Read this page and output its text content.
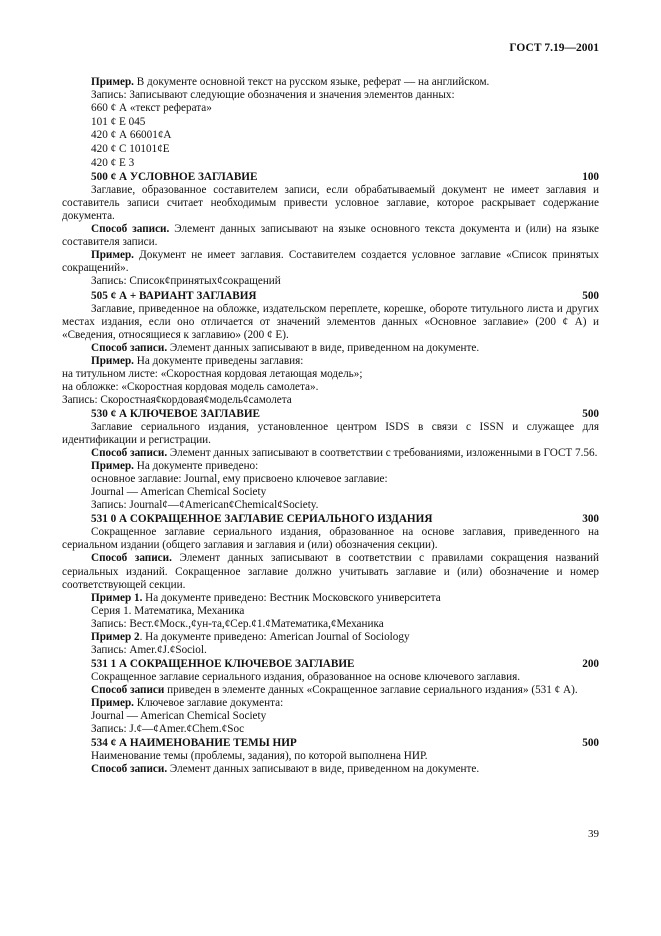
ГОСТ 7.19—2001

Пример. В документе основной текст на русском языке, реферат — на английском.

Запись: Записывают следующие обозначения и значения элементов данных:

660 ¢ А «текст реферата»

101 ¢ Е 045

420 ¢ А 66001¢А

420 ¢ С 10101¢Е

420 ¢ Е 3

500 ¢ А УСЛОВНОЕ ЗАГЛАВИЕ	100

Заглавие, образованное составителем записи, если обрабатываемый документ не имеет заглавия и составитель записи считает необходимым привести условное заглавие, которое раскрывает содержание документа.

Способ записи. Элемент данных записывают на языке основного текста документа и (или) на языке составителя записи.

Пример. Документ не имеет заглавия. Составителем создается условное заглавие «Список принятых сокращений».

Запись: Список¢принятых¢сокращений

505 ¢ А + ВАРИАНТ ЗАГЛАВИЯ	500

Заглавие, приведенное на обложке, издательском переплете, корешке, обороте титульного листа и других местах издания, если оно отличается от значений элементов данных «Основное заглавие» (200 ¢ А) и «Сведения, относящиеся к заглавию» (200 ¢ Е).

Способ записи. Элемент данных записывают в виде, приведенном на документе.

Пример. На документе приведены заглавия:

на титульном листе: «Скоростная кордовая летающая модель»;

на обложке: «Скоростная кордовая модель самолета».

Запись: Скоростная¢кордовая¢модель¢самолета

530 ¢ А КЛЮЧЕВОЕ ЗАГЛАВИЕ	500

Заглавие сериального издания, установленное центром ISDS в связи с ISSN и служащее для идентификации и регистрации.

Способ записи. Элемент данных записывают в соответствии с требованиями, изложенными в ГОСТ 7.56.

Пример. На документе приведено:

основное заглавие: Journal, ему присвоено ключевое заглавие:

Journal — American Chemical Society

Запись: Journal¢—¢American¢Chemical¢Society.

531 0 А СОКРАЩЕННОЕ ЗАГЛАВИЕ СЕРИАЛЬНОГО ИЗДАНИЯ	300

Сокращенное заглавие сериального издания, образованное на основе заглавия, приведенного на сериальном издании (общего заглавия и заглавия и (или) обозначения секции).

Способ записи. Элемент данных записывают в соответствии с правилами сокращения названий сериальных изданий. Сокращенное заглавие должно учитывать заглавие и (или) обозначение и номер соответствующей секции.

Пример 1. На документе приведено: Вестник Московского университета

Серия 1. Математика, Механика

Запись: Вест.¢Моск.,¢ун-та,¢Сер.¢1.¢Математика,¢Механика

Пример 2. На документе приведено: American Journal of Sociology

Запись: Amer.¢J.¢Sociol.

531 1 А СОКРАЩЕННОЕ КЛЮЧЕВОЕ ЗАГЛАВИЕ	200

Сокращенное заглавие сериального издания, образованное на основе ключевого заглавия.

Способ записи приведен в элементе данных «Сокращенное заглавие сериального издания» (531 ¢ А).

Пример. Ключевое заглавие документа:

Journal — American Chemical Society

Запись: J.¢—¢Amer.¢Chem.¢Soc

534 ¢ А НАИМЕНОВАНИЕ ТЕМЫ НИР	500

Наименование темы (проблемы, задания), по которой выполнена НИР.

Способ записи. Элемент данных записывают в виде, приведенном на документе.

39
